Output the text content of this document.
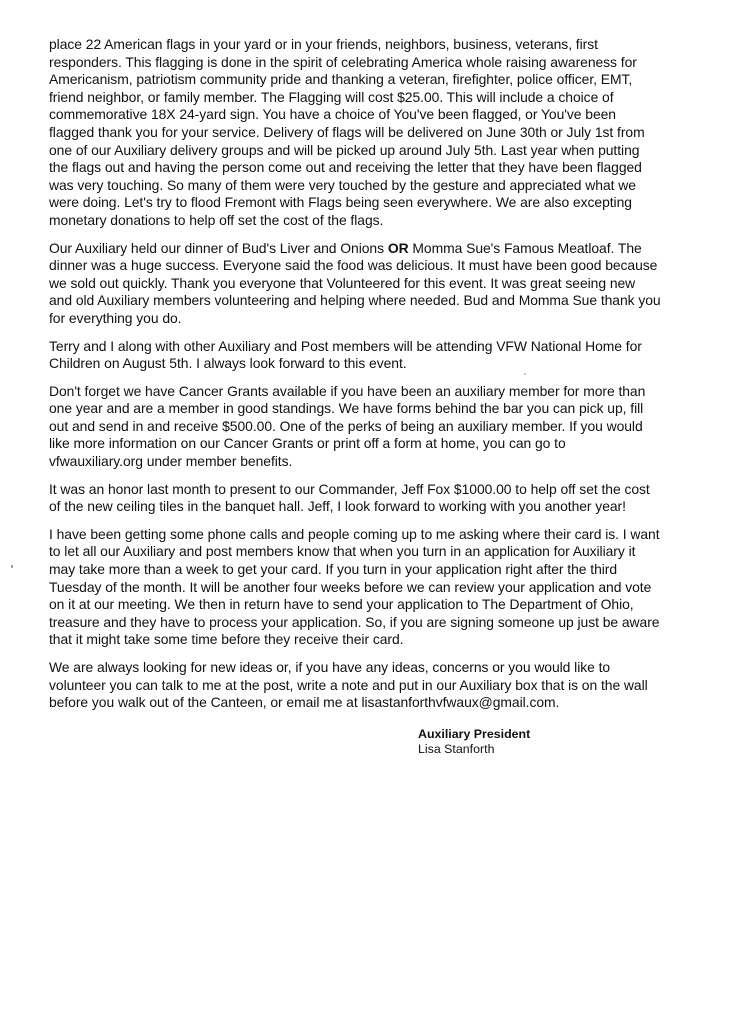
place 22 American flags in your yard or in your friends, neighbors, business, veterans, first
responders. This flagging is done in the spirit of celebrating America whole raising awareness for
Americanism, patriotism community pride and thanking a veteran, firefighter, police officer, EMT,
friend neighbor, or family member. The Flagging will cost $25.00. This will include a choice of
commemorative 18X 24-yard sign. You have a choice of You've been flagged, or You've been
flagged thank you for your service. Delivery of flags will be delivered on June 30th or July 1st from
one of our Auxiliary delivery groups and will be picked up around July 5th. Last year when putting
the flags out and having the person come out and receiving the letter that they have been flagged
was very touching. So many of them were very touched by the gesture and appreciated what we
were doing. Let's try to flood Fremont with Flags being seen everywhere. We are also excepting
monetary donations to help off set the cost of the flags.

Our Auxiliary held our dinner of Bud's Liver and Onions OR Momma Sue's Famous Meatloaf. The
dinner was a huge success. Everyone said the food was delicious. It must have been good because
we sold out quickly. Thank you everyone that Volunteered for this event. It was great seeing new
and old Auxiliary members volunteering and helping where needed. Bud and Momma Sue thank you
for everything you do.

Terry and I along with other Auxiliary and Post members will be attending VFW National Home for
Children on August 5th. I always look forward to this event.

Don't forget we have Cancer Grants available if you have been an auxiliary member for more than
one year and are a member in good standings. We have forms behind the bar you can pick up, fill
out and send in and receive $500.00. One of the perks of being an auxiliary member. If you would
like more information on our Cancer Grants or print off a form at home, you can go to
vfwauxiliary.org under member benefits.

It was an honor last month to present to our Commander, Jeff Fox $1000.00 to help off set the cost
of the new ceiling tiles in the banquet hall. Jeff, I look forward to working with you another year!

I have been getting some phone calls and people coming up to me asking where their card is. I want
to let all our Auxiliary and post members know that when you turn in an application for Auxiliary it
may take more than a week to get your card. If you turn in your application right after the third
Tuesday of the month. It will be another four weeks before we can review your application and vote
on it at our meeting. We then in return have to send your application to The Department of Ohio,
treasure and they have to process your application. So, if you are signing someone up just be aware
that it might take some time before they receive their card.

We are always looking for new ideas or, if you have any ideas, concerns or you would like to
volunteer you can talk to me at the post, write a note and put in our Auxiliary box that is on the wall
before you walk out of the Canteen, or email me at lisastanforthvfwaux@gmail.com.

Auxiliary President
Lisa Stanforth
